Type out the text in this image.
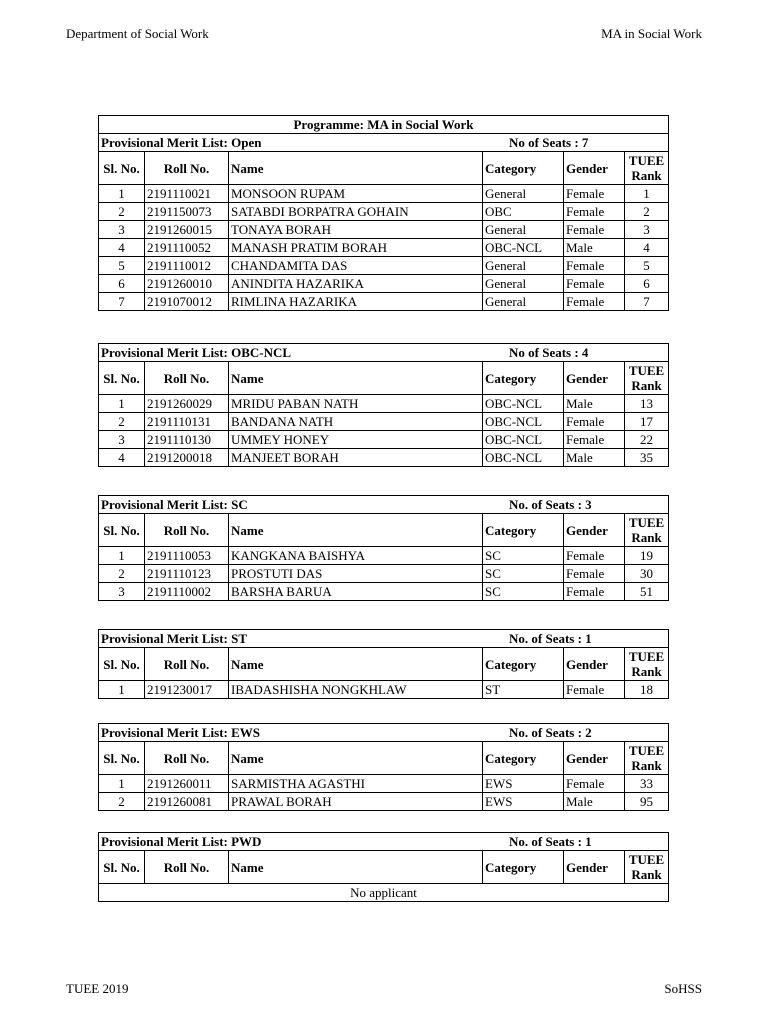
Department of Social Work	MA in Social Work
Programme: MA in Social Work					
Provisional Merit List: Open No of Seats : 7					

Sl. No.	Roll No.	Name	Category	Gender	TUEE
Rank
1	2191110021	MONSOON RUPAM	General	Female	1
2	2191150073	SATABDI BORPATRA GOHAIN	OBC	Female	2
3	2191260015	TONAYA BORAH	General	Female	3
4	2191110052	MANASH PRATIM BORAH	OBC-NCL	Male	4
5	2191110012	CHANDAMITA DAS	General	Female	5
6	2191260010	ANINDITA HAZARIKA	General	Female	6
7	2191070012	RIMLINA HAZARIKA	General	Female	7
Provisional Merit List: OBC-NCL No of Seats : 4					

Sl. No.	Roll No.	Name	Category	Gender	TUEE
Rank
1	2191260029	MRIDU PABAN NATH	OBC-NCL	Male	13
2	2191110131	BANDANA NATH	OBC-NCL	Female	17
3	2191110130	UMMEY HONEY	OBC-NCL	Female	22
4	2191200018	MANJEET BORAH	OBC-NCL	Male	35
Provisional Merit List: SC No. of Seats : 3					

Sl. No.	Roll No.	Name	Category	Gender	TUEE
Rank
1	2191110053	KANGKANA BAISHYA	SC	Female	19
2	2191110123	PROSTUTI DAS	SC	Female	30
3	2191110002	BARSHA BARUA	SC	Female	51
Provisional Merit List: ST No. of Seats : 1					

Sl. No.	Roll No.	Name	Category	Gender	TUEE
Rank
1	2191230017	IBADASHISHA NONGKHLAW	ST	Female	18
Provisional Merit List: EWS No. of Seats : 2					

Sl. No.	Roll No.	Name	Category	Gender	TUEE
Rank
1	2191260011	SARMISTHA AGASTHI	EWS	Female	33
2	2191260081	PRAWAL BORAH	EWS	Male	95
Provisional Merit List: PWD	No. of Seats : 1

Sl. No.	Roll No.	Name	Category	Gender	TUEE
Rank
No applicant
TUEE 2019	SoHSS
